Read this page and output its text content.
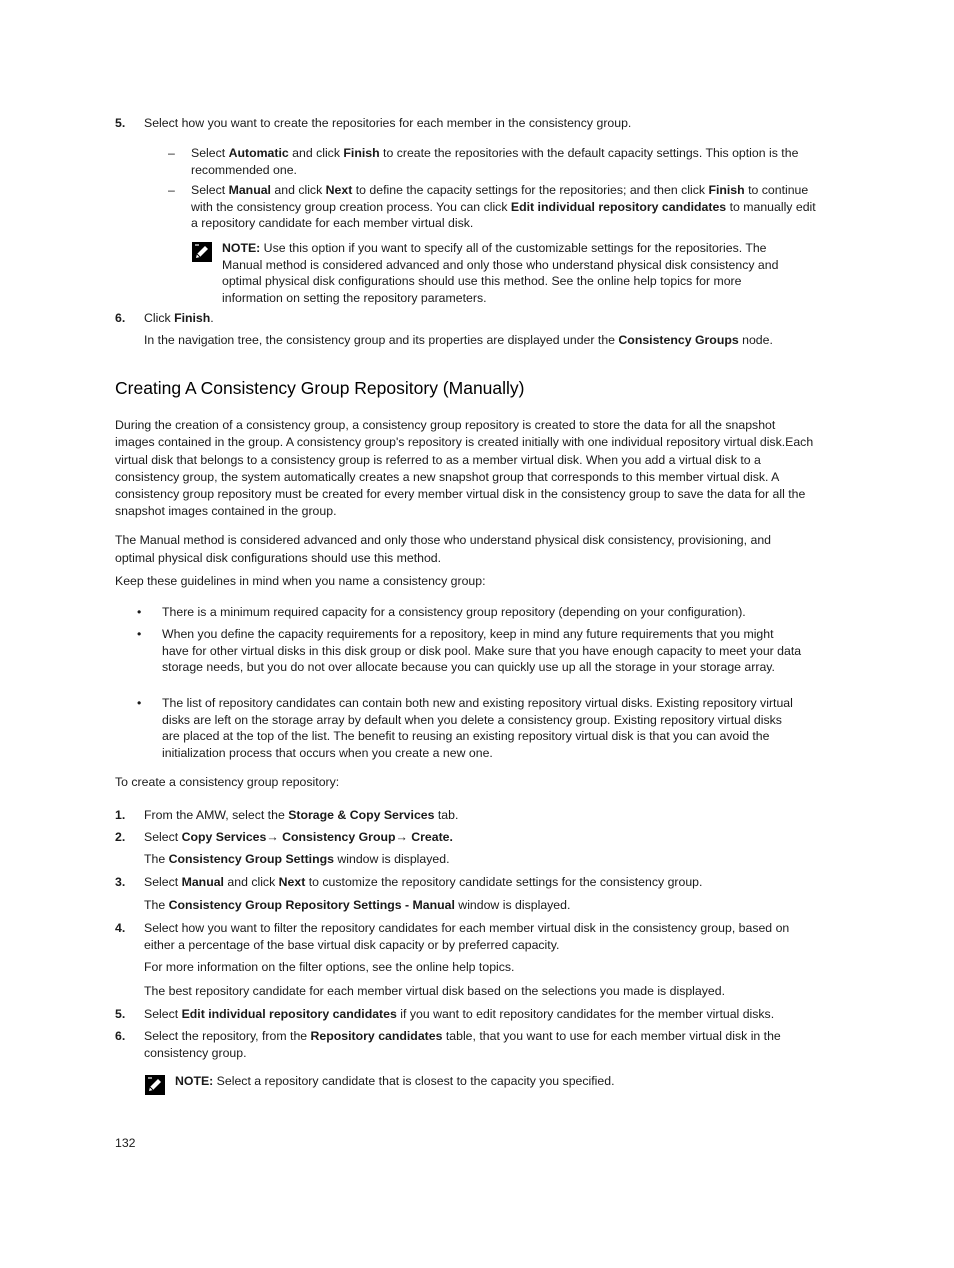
5. Select how you want to create the repositories for each member in the consistency group.
– Select Automatic and click Finish to create the repositories with the default capacity settings. This option is the recommended one.
– Select Manual and click Next to define the capacity settings for the repositories; and then click Finish to continue with the consistency group creation process. You can click Edit individual repository candidates to manually edit a repository candidate for each member virtual disk.
NOTE: Use this option if you want to specify all of the customizable settings for the repositories. The Manual method is considered advanced and only those who understand physical disk consistency and optimal physical disk configurations should use this method. See the online help topics for more information on setting the repository parameters.
6. Click Finish.
In the navigation tree, the consistency group and its properties are displayed under the Consistency Groups node.
Creating A Consistency Group Repository (Manually)
During the creation of a consistency group, a consistency group repository is created to store the data for all the snapshot images contained in the group. A consistency group's repository is created initially with one individual repository virtual disk.Each virtual disk that belongs to a consistency group is referred to as a member virtual disk. When you add a virtual disk to a consistency group, the system automatically creates a new snapshot group that corresponds to this member virtual disk. A consistency group repository must be created for every member virtual disk in the consistency group to save the data for all the snapshot images contained in the group.
The Manual method is considered advanced and only those who understand physical disk consistency, provisioning, and optimal physical disk configurations should use this method.
Keep these guidelines in mind when you name a consistency group:
• There is a minimum required capacity for a consistency group repository (depending on your configuration).
• When you define the capacity requirements for a repository, keep in mind any future requirements that you might have for other virtual disks in this disk group or disk pool. Make sure that you have enough capacity to meet your data storage needs, but you do not over allocate because you can quickly use up all the storage in your storage array.
• The list of repository candidates can contain both new and existing repository virtual disks. Existing repository virtual disks are left on the storage array by default when you delete a consistency group. Existing repository virtual disks are placed at the top of the list. The benefit to reusing an existing repository virtual disk is that you can avoid the initialization process that occurs when you create a new one.
To create a consistency group repository:
1. From the AMW, select the Storage & Copy Services tab.
2. Select Copy Services→ Consistency Group→ Create.
The Consistency Group Settings window is displayed.
3. Select Manual and click Next to customize the repository candidate settings for the consistency group.
The Consistency Group Repository Settings - Manual window is displayed.
4. Select how you want to filter the repository candidates for each member virtual disk in the consistency group, based on either a percentage of the base virtual disk capacity or by preferred capacity.
For more information on the filter options, see the online help topics.
The best repository candidate for each member virtual disk based on the selections you made is displayed.
5. Select Edit individual repository candidates if you want to edit repository candidates for the member virtual disks.
6. Select the repository, from the Repository candidates table, that you want to use for each member virtual disk in the consistency group.
NOTE: Select a repository candidate that is closest to the capacity you specified.
132
